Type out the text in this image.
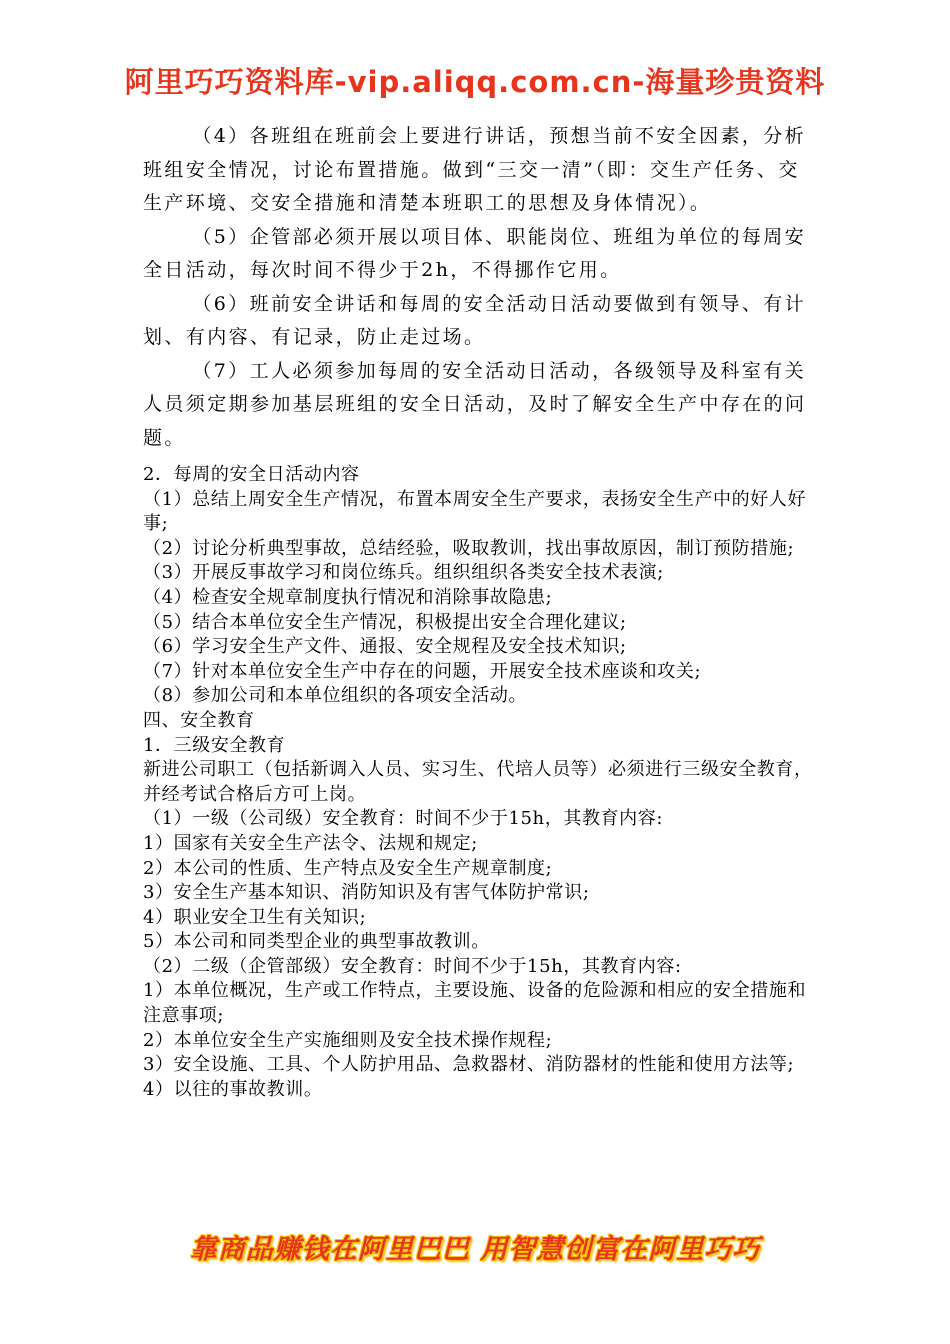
阿里巧巧资料库-vip.aliqq.com.cn-海量珍贵资料

（4）各班组在班前会上要进行讲话，预想当前不安全因素，分析班组安全情况，讨论布置措施。做到“三交一清”（即：交生产任务、交生产环境、交安全措施和清楚本班职工的思想及身体情况）。

（5）企管部必须开展以项目体、职能岗位、班组为单位的每周安全日活动，每次时间不得少于2h，不得挪作它用。

（6）班前安全讲话和每周的安全活动日活动要做到有领导、有计划、有内容、有记录，防止走过场。

（7）工人必须参加每周的安全活动日活动，各级领导及科室有关人员须定期参加基层班组的安全日活动，及时了解安全生产中存在的问题。

2．每周的安全日活动内容

（1）总结上周安全生产情况，布置本周安全生产要求，表扬安全生产中的好人好事;

（2）讨论分析典型事故，总结经验，吸取教训，找出事故原因，制订预防措施;

（3）开展反事故学习和岗位练兵。组织组织各类安全技术表演;

（4）检查安全规章制度执行情况和消除事故隐患;

（5）结合本单位安全生产情况，积极提出安全合理化建议;

（6）学习安全生产文件、通报、安全规程及安全技术知识;

（7）针对本单位安全生产中存在的问题，开展安全技术座谈和攻关;

（8）参加公司和本单位组织的各项安全活动。

四、安全教育

1．三级安全教育

新进公司职工（包括新调入人员、实习生、代培人员等）必须进行三级安全教育，并经考试合格后方可上岗。

（1）一级（公司级）安全教育：时间不少于15h，其教育内容:

1）国家有关安全生产法令、法规和规定;

2）本公司的性质、生产特点及安全生产规章制度;

3）安全生产基本知识、消防知识及有害气体防护常识;

4）职业安全卫生有关知识;

5）本公司和同类型企业的典型事故教训。

（2）二级（企管部级）安全教育：时间不少于15h，其教育内容:

1）本单位概况，生产或工作特点，主要设施、设备的危险源和相应的安全措施和注意事项;

2）本单位安全生产实施细则及安全技术操作规程;

3）安全设施、工具、个人防护用品、急救器材、消防器材的性能和使用方法等;

4）以往的事故教训。

靠商品赚钱在阿里巴巴 用智慧创富在阿里巧巧
